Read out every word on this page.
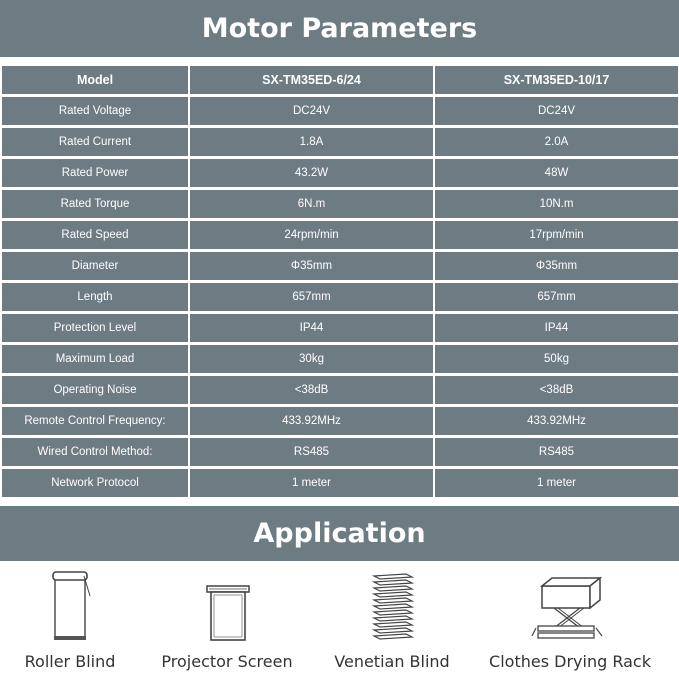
Motor Parameters
Model	SX-TM35ED-6/24	SX-TM35ED-10/17
Rated Voltage	DC24V	DC24V
Rated Current	1.8A	2.0A
Rated Power	43.2W	48W
Rated Torque	6N.m	10N.m
Rated Speed	24rpm/min	17rpm/min
Diameter	Φ35mm	Φ35mm
Length	657mm	657mm
Protection Level	IP44	IP44
Maximum Load	30kg	50kg
Operating Noise	<38dB	<38dB
Remote Control Frequency:	433.92MHz	433.92MHz
Wired Control Method:	RS485	RS485
Network Protocol	1 meter	1 meter
Application
Roller Blind	Projector Screen	Venetian Blind Clothes Drying Rack
